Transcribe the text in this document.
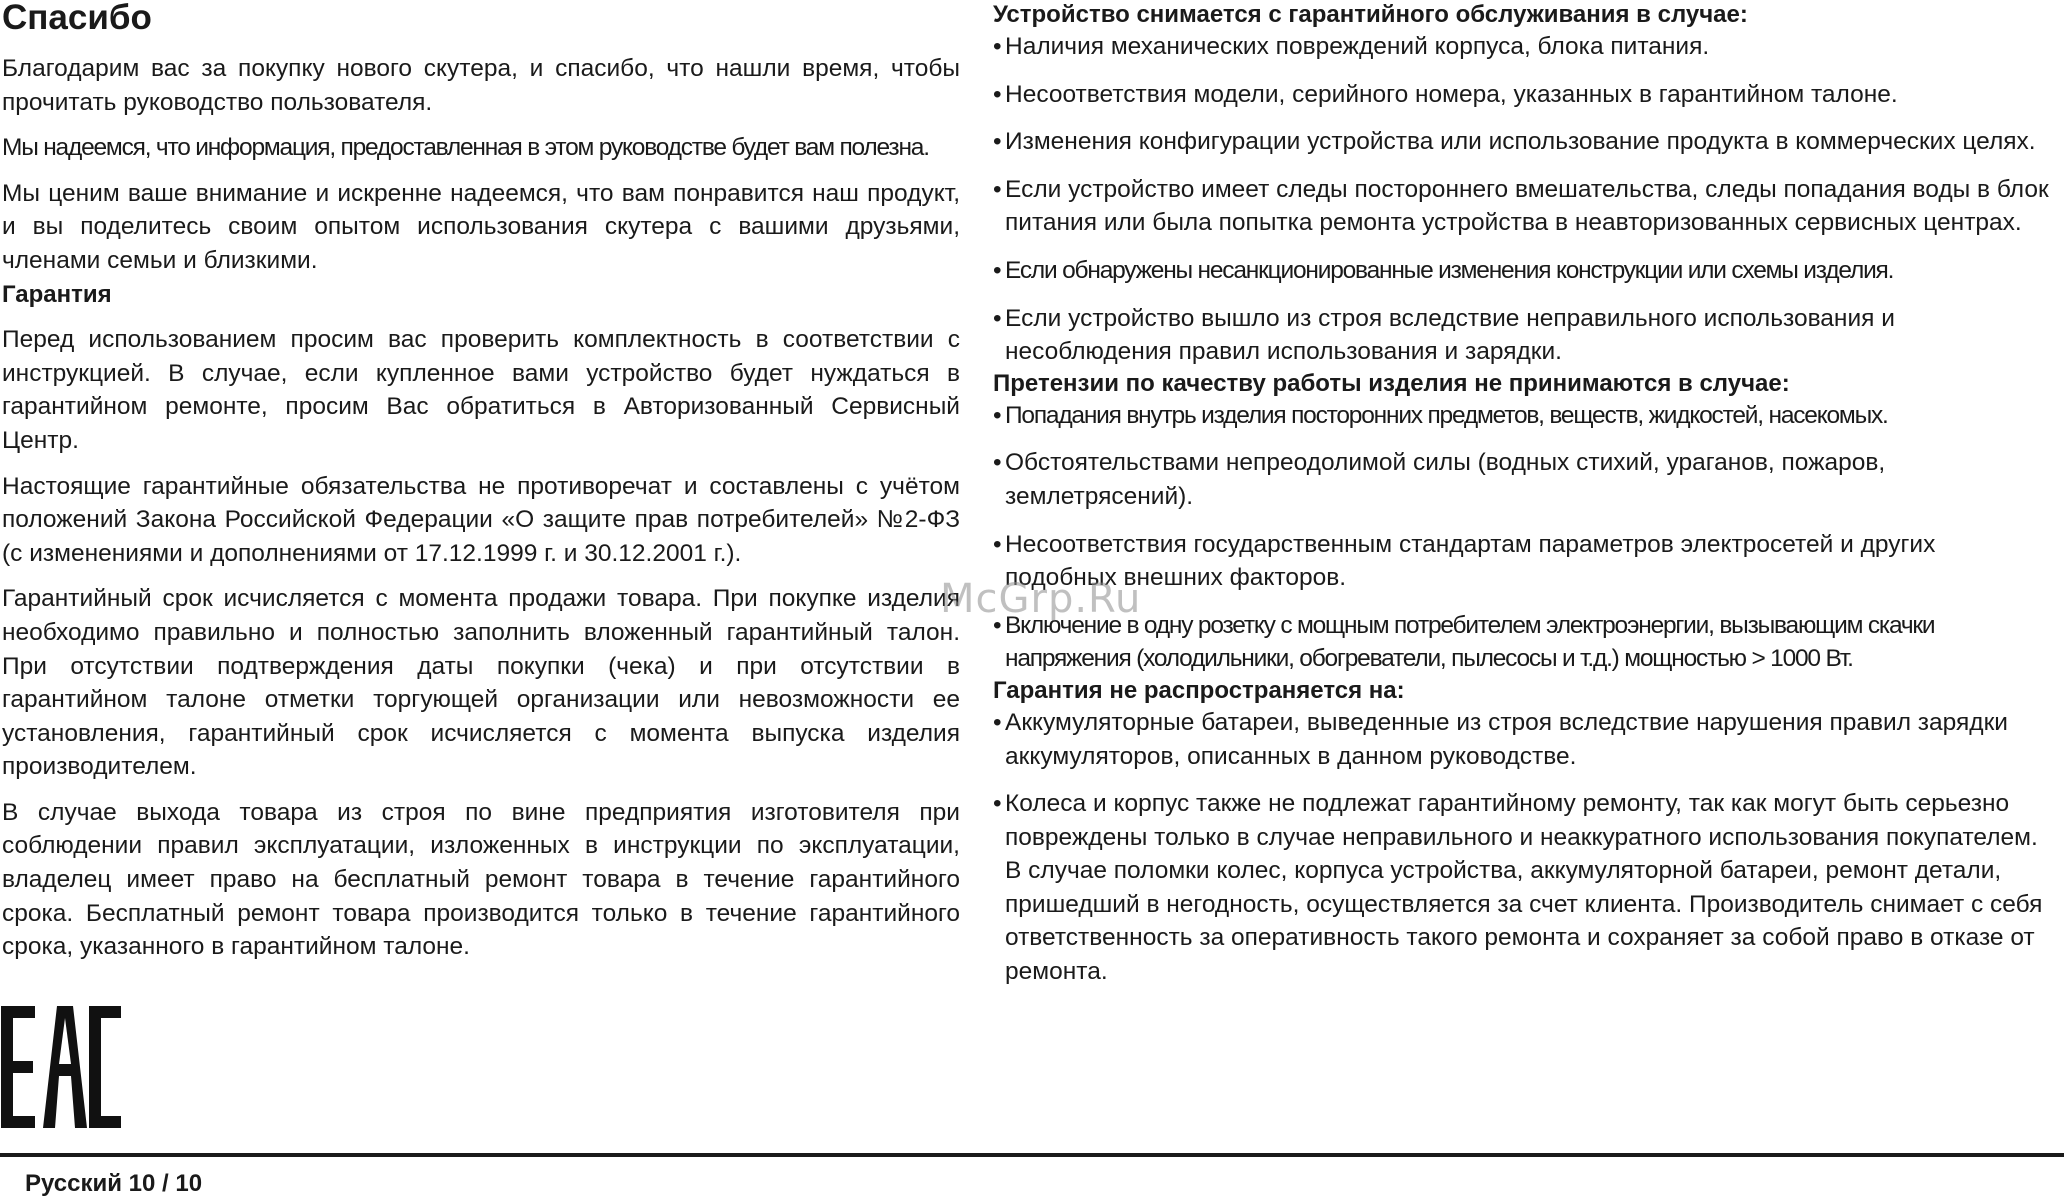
Спасибо

Благодарим вас за покупку нового скутера, и спасибо, что нашли время, чтобы прочитать руководство пользователя.

Мы надеемся, что информация, предоставленная в этом руководстве будет вам полезна.

Мы ценим ваше внимание и искренне надеемся, что вам понравится наш продукт, и вы поделитесь своим опытом использования скутера с вашими друзьями, членами семьи и близкими.

Гарантия

Перед использованием просим вас проверить комплектность в соответствии с инструкцией. В случае, если купленное вами устройство будет нуждаться в гарантийном ремонте, просим Вас обратиться в Авторизованный Сервисный Центр.

Настоящие гарантийные обязательства не противоречат и составлены с учётом положений Закона Российской Федерации «О защите прав потребителей» №2-ФЗ (с изменениями и дополнениями от 17.12.1999 г. и 30.12.2001 г.).

Гарантийный срок исчисляется с момента продажи товара. При покупке изделия необходимо правильно и полностью заполнить вложенный гарантийный талон. При отсутствии подтверждения даты покупки (чека) и при отсутствии в гарантийном талоне отметки торгующей организации или невозможности ее установления, гарантийный срок исчисляется с момента выпуска изделия производителем.

В случае выхода товара из строя по вине предприятия изготовителя при соблюдении правил эксплуатации, изложенных в инструкции по эксплуатации, владелец имеет право на бесплатный ремонт товара в течение гарантийного срока. Бесплатный ремонт товара производится только в течение гарантийного срока, указанного в гарантийном талоне.

Устройство снимается с гарантийного обслуживания в случае:
• Наличия механических повреждений корпуса, блока питания.
• Несоответствия модели, серийного номера, указанных в гарантийном талоне.
• Изменения конфигурации устройства или использование продукта в коммерческих целях.
• Если устройство имеет следы постороннего вмешательства, следы попадания воды в блок питания или была попытка ремонта устройства в неавторизованных сервисных центрах.
• Если обнаружены несанкционированные изменения конструкции или схемы изделия.
• Если устройство вышло из строя вследствие неправильного использования и несоблюдения правил использования и зарядки.
Претензии по качеству работы изделия не принимаются в случае:
• Попадания внутрь изделия посторонних предметов, веществ, жидкостей, насекомых.
• Обстоятельствами непреодолимой силы (водных стихий, ураганов, пожаров, землетрясений).
• Несоответствия государственным стандартам параметров электросетей и других подобных внешних факторов.
• Включение в одну розетку с мощным потребителем электроэнергии, вызывающим скачки напряжения (холодильники, обогреватели, пылесосы и т.д.) мощностью > 1000 Вт.
Гарантия не распространяется на:
• Аккумуляторные батареи, выведенные из строя вследствие нарушения правил зарядки аккумуляторов, описанных в данном руководстве.
• Колеса и корпус также не подлежат гарантийному ремонту, так как могут быть серьезно повреждены только в случае неправильного и неаккуратного использования покупателем. В случае поломки колес, корпуса устройства, аккумуляторной батареи, ремонт детали, пришедший в негодность, осуществляется за счет клиента. Производитель снимает с себя ответственность за оперативность такого ремонта и сохраняет за собой право в отказе от ремонта.
McGrp.Ru
Русский 10 / 10
